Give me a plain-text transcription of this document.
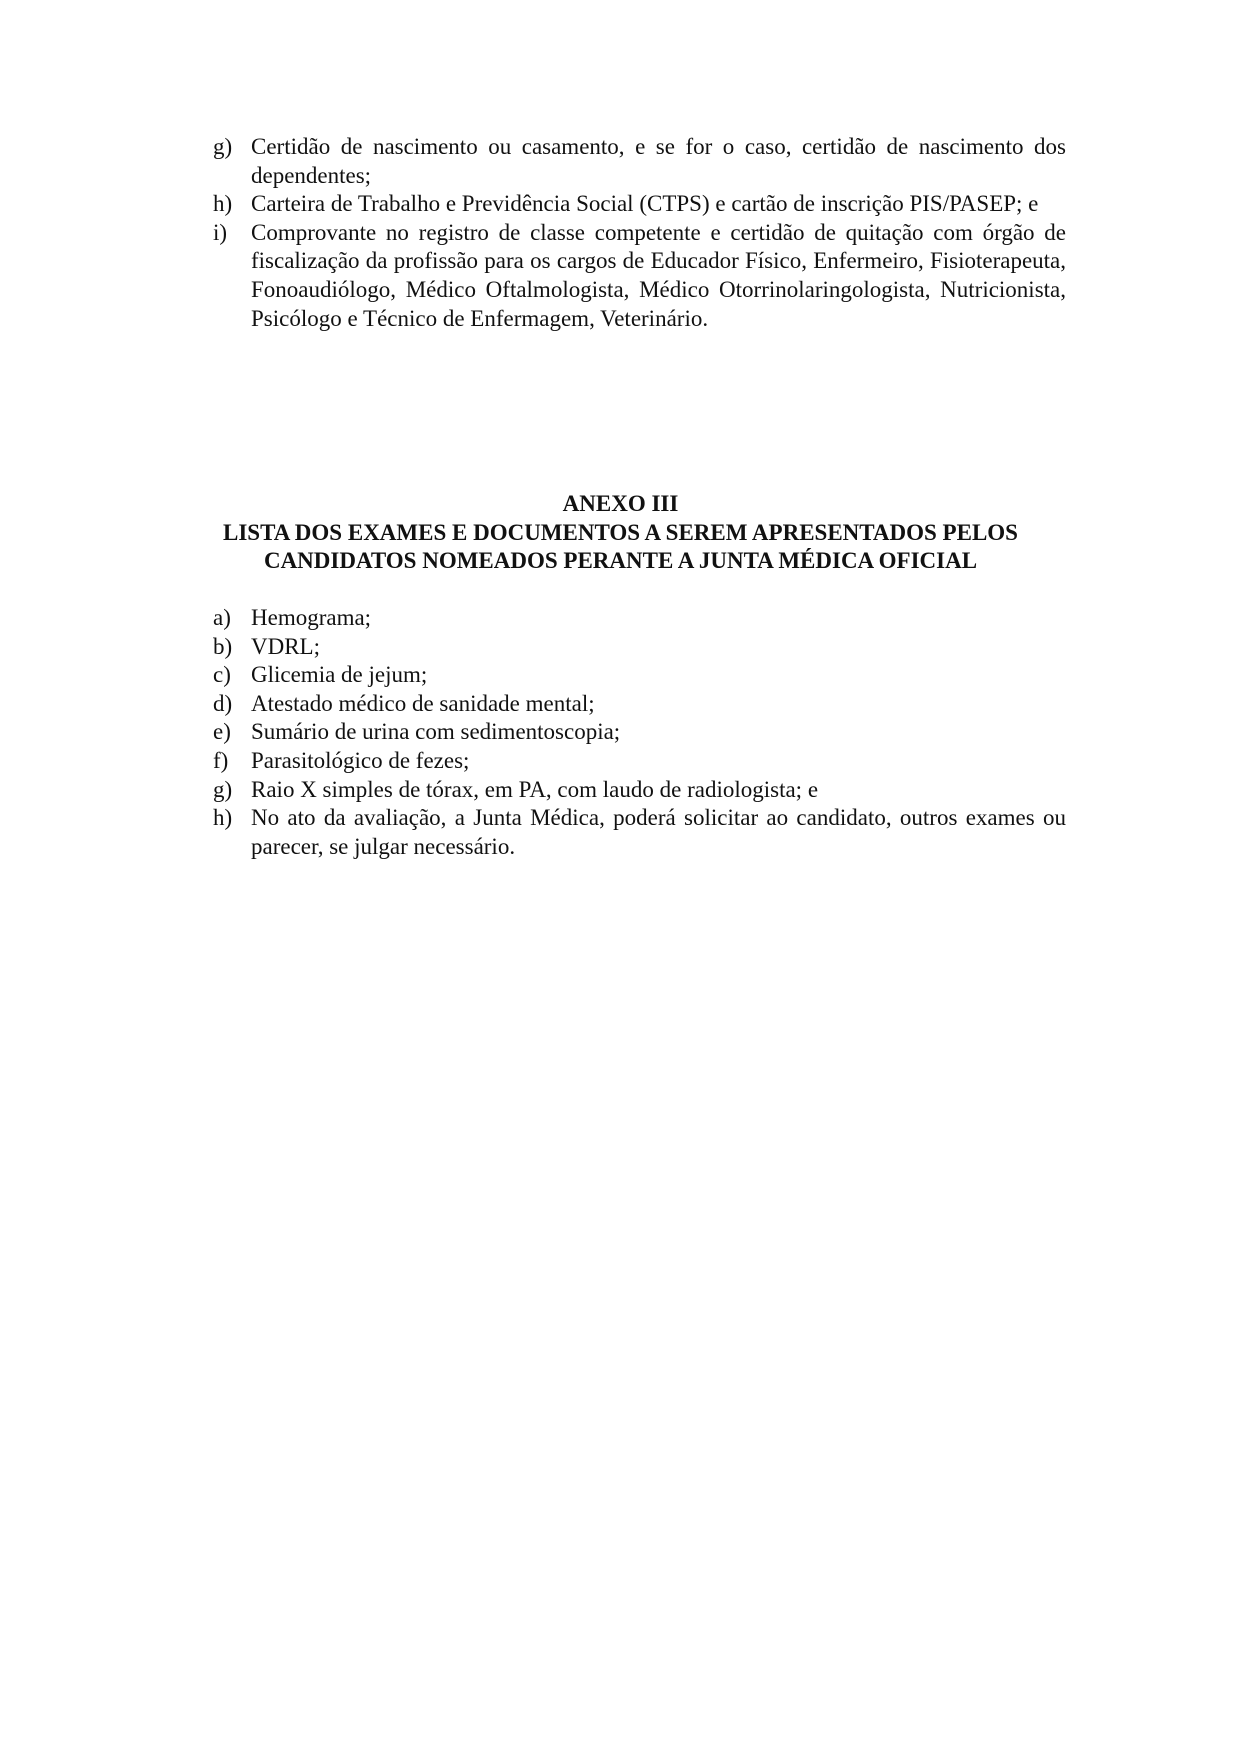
g) Certidão de nascimento ou casamento, e se for o caso, certidão de nascimento dos dependentes;
h) Carteira de Trabalho e Previdência Social (CTPS) e cartão de inscrição PIS/PASEP; e
i)	Comprovante no registro de classe competente e certidão de quitação com órgão de fiscalização da profissão para os cargos de Educador Físico, Enfermeiro, Fisioterapeuta, Fonoaudiólogo, Médico Oftalmologista, Médico Otorrinolaringologista, Nutricionista, Psicólogo e Técnico de Enfermagem, Veterinário.
ANEXO III
LISTA DOS EXAMES E DOCUMENTOS A SEREM APRESENTADOS PELOS
CANDIDATOS NOMEADOS PERANTE A JUNTA MÉDICA OFICIAL
a) Hemograma;
b) VDRL;
c) Glicemia de jejum;
d) Atestado médico de sanidade mental;
e) Sumário de urina com sedimentoscopia;
f) Parasitológico de fezes;
g) Raio X simples de tórax, em PA, com laudo de radiologista; e
h) No ato da avaliação, a Junta Médica, poderá solicitar ao candidato, outros exames ou parecer, se julgar necessário.
